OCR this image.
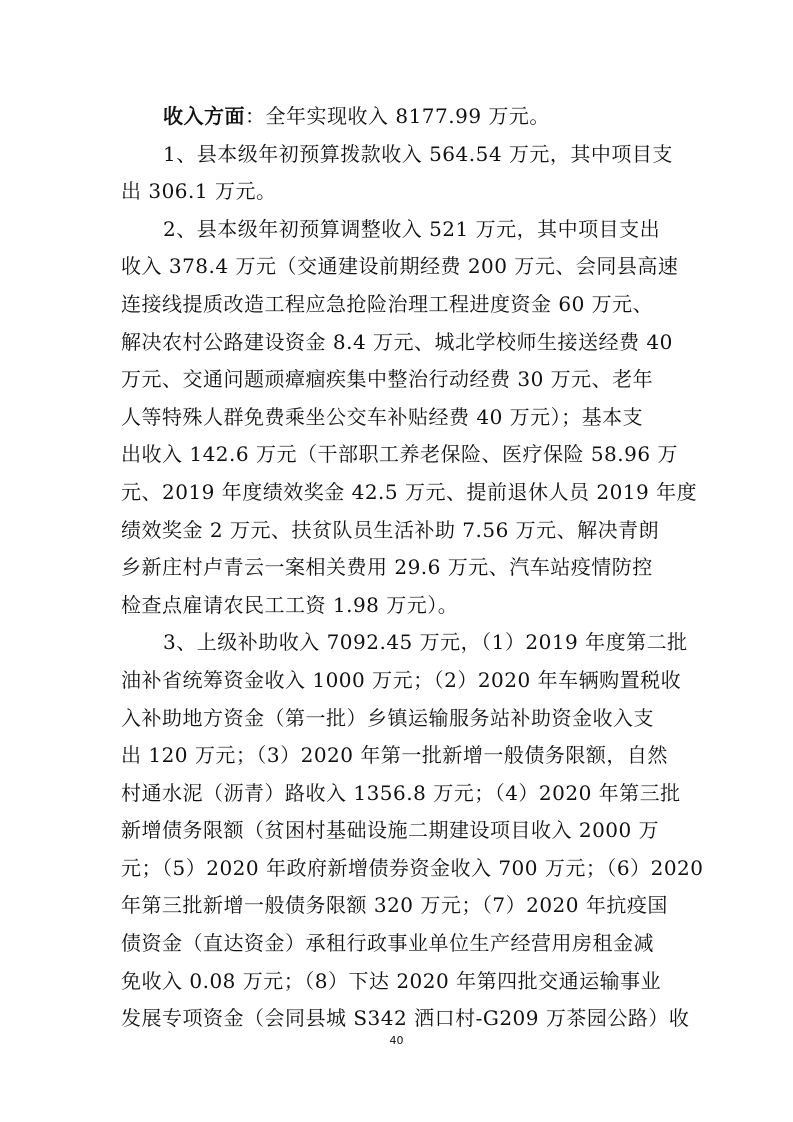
收入方面：全年实现收入 8177.99 万元。
1、县本级年初预算拨款收入 564.54 万元，其中项目支
出 306.1 万元。
2、县本级年初预算调整收入 521 万元，其中项目支出
收入 378.4 万元（交通建设前期经费 200 万元、会同县高速
连接线提质改造工程应急抢险治理工程进度资金 60 万元、
解决农村公路建设资金 8.4 万元、城北学校师生接送经费 40
万元、交通问题顽瘴痼疾集中整治行动经费 30 万元、老年
人等特殊人群免费乘坐公交车补贴经费 40 万元）；基本支
出收入 142.6 万元（干部职工养老保险、医疗保险 58.96 万
元、2019 年度绩效奖金 42.5 万元、提前退休人员 2019 年度
绩效奖金 2 万元、扶贫队员生活补助 7.56 万元、解决青朗
乡新庄村卢青云一案相关费用 29.6 万元、汽车站疫情防控
检查点雇请农民工工资 1.98 万元）。
3、上级补助收入 7092.45 万元，（1）2019 年度第二批
油补省统筹资金收入 1000 万元；（2）2020 年车辆购置税收
入补助地方资金（第一批）乡镇运输服务站补助资金收入支
出 120 万元；（3）2020 年第一批新增一般债务限额，自然
村通水泥（沥青）路收入 1356.8 万元；（4）2020 年第三批
新增债务限额（贫困村基础设施二期建设项目收入 2000 万
元；（5）2020 年政府新增债券资金收入 700 万元；（6）2020
年第三批新增一般债务限额 320 万元；（7）2020 年抗疫国
债资金（直达资金）承租行政事业单位生产经营用房租金减
免收入 0.08 万元；（8）下达 2020 年第四批交通运输事业
发展专项资金（会同县城 S342 洒口村-G209 万茶园公路）收
40
